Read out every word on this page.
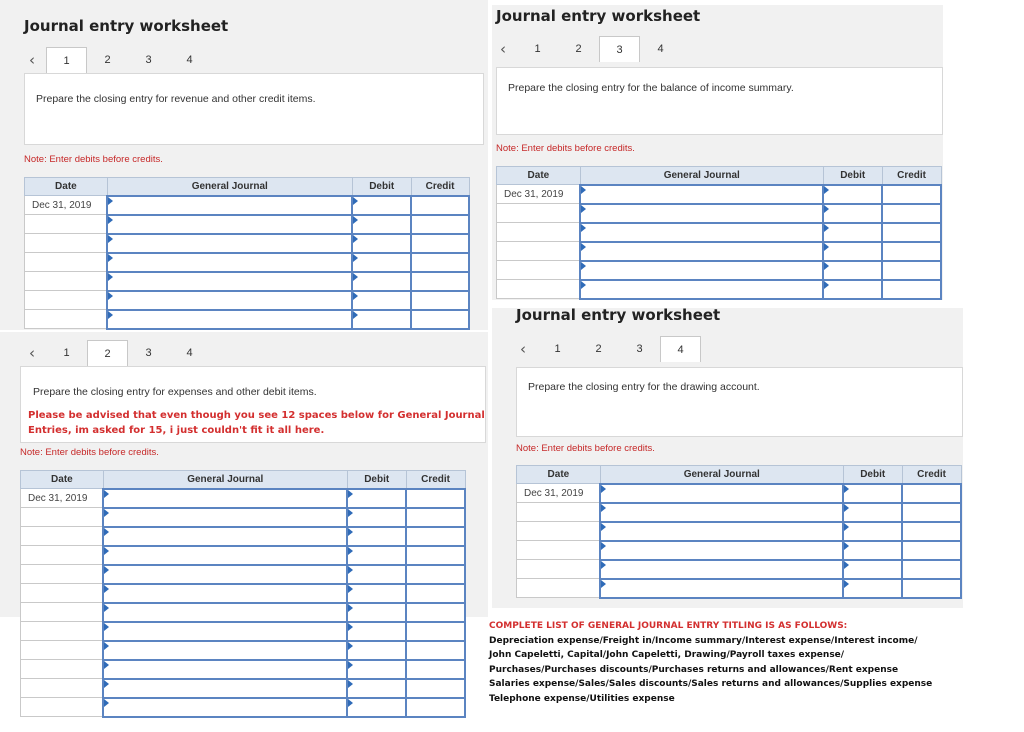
Journal entry worksheet
‹	1	2	3	4
Prepare the closing entry for revenue and other credit items.
Note: Enter debits before credits.
Date	General Journal	Debit	Credit
Dec 31, 2019			

Journal entry worksheet
‹	1	2	3	4
Prepare the closing entry for the balance of income summary.
Note: Enter debits before credits.
Date	General Journal	Debit	Credit
Dec 31, 2019			

‹	1	2	3	4
Prepare the closing entry for expenses and other debit items.
Please be advised that even though you see 12 spaces below for General Journal
Entries, im asked for 15, i just couldn't fit it all here.
Note: Enter debits before credits.
Date	General Journal	Debit	Credit
Dec 31, 2019			

Journal entry worksheet
‹	1	2	3	4
Prepare the closing entry for the drawing account.
Note: Enter debits before credits.
Date	General Journal	Debit	Credit
Dec 31, 2019			

COMPLETE LIST OF GENERAL JOURNAL ENTRY TITLING IS AS FOLLOWS:
Depreciation expense/Freight in/Income summary/Interest expense/Interest income/
John Capeletti, Capital/John Capeletti, Drawing/Payroll taxes expense/
Purchases/Purchases discounts/Purchases returns and allowances/Rent expense
Salaries expense/Sales/Sales discounts/Sales returns and allowances/Supplies expense
Telephone expense/Utilities expense
